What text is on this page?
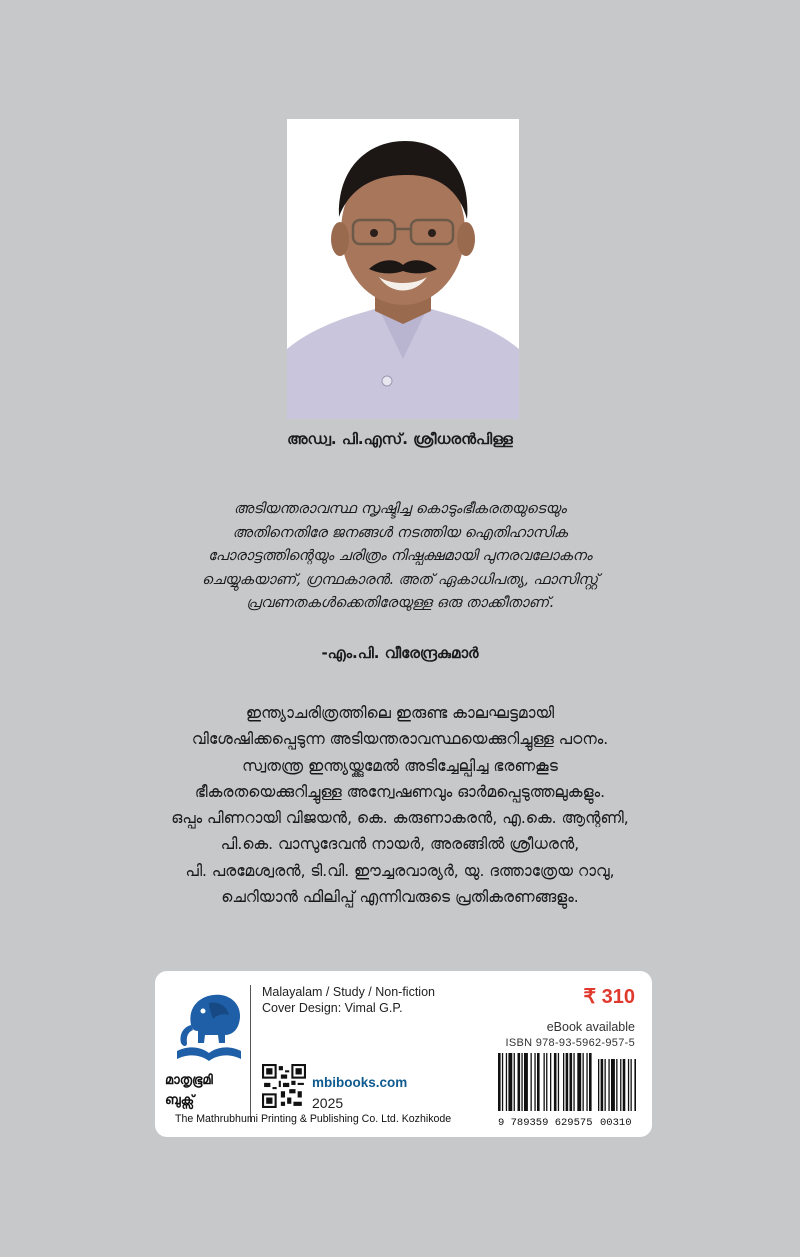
അഡ്വ. പി.എസ്. ശ്രീധരൻപിള്ള

അടിയന്തരാവസ്ഥ സൃഷ്ടിച്ച കൊടുംഭീകരതയുടെയും

അതിനെതിരേ ജനങ്ങൾ നടത്തിയ ഐതിഹാസിക

പോരാട്ടത്തിന്റെയും ചരിത്രം നിഷ്പക്ഷമായി പുനരവലോകനം

ചെയ്യുകയാണ്, ഗ്രന്ഥകാരൻ. അത് ഏകാധിപത്യ, ഫാസിസ്റ്റ്

പ്രവണതകൾക്കെതിരേയുള്ള ഒരു താക്കീതാണ്.

-എം.പി. വീരേന്ദ്രകുമാർ

ഇന്ത്യാചരിത്രത്തിലെ ഇരുണ്ട കാലഘട്ടമായി

വിശേഷിക്കപ്പെടുന്ന അടിയന്തരാവസ്ഥയെക്കുറിച്ചുള്ള പഠനം.

സ്വതന്ത്ര ഇന്ത്യയ്ക്കുമേൽ അടിച്ചേല്പിച്ച ഭരണകൂട

ഭീകരതയെക്കുറിച്ചുള്ള അന്വേഷണവും ഓർമപ്പെടുത്തലുകളും.

ഒപ്പം പിണറായി വിജയൻ, കെ. കരുണാകരൻ, എ.കെ. ആന്റണി,

പി.കെ. വാസുദേവൻ നായർ, അരങ്ങിൽ ശ്രീധരൻ,

പി. പരമേശ്വരൻ, ടി.വി. ഈച്ചരവാര്യർ, യു. ദത്താത്രേയ റാവു,

ചെറിയാൻ ഫിലിപ്പ് എന്നിവരുടെ പ്രതികരണങ്ങളും.

മാതൃഭൂമി
ബുക്സ്
The Mathrubhumi Printing & Publishing Co. Ltd. Kozhikode
Malayalam / Study / Non-fiction
Cover Design: Vimal G.P.
mbibooks.com
2025
₹ 310
eBook available
ISBN 978-93-5962-957-5
9 789359 629575 00310
